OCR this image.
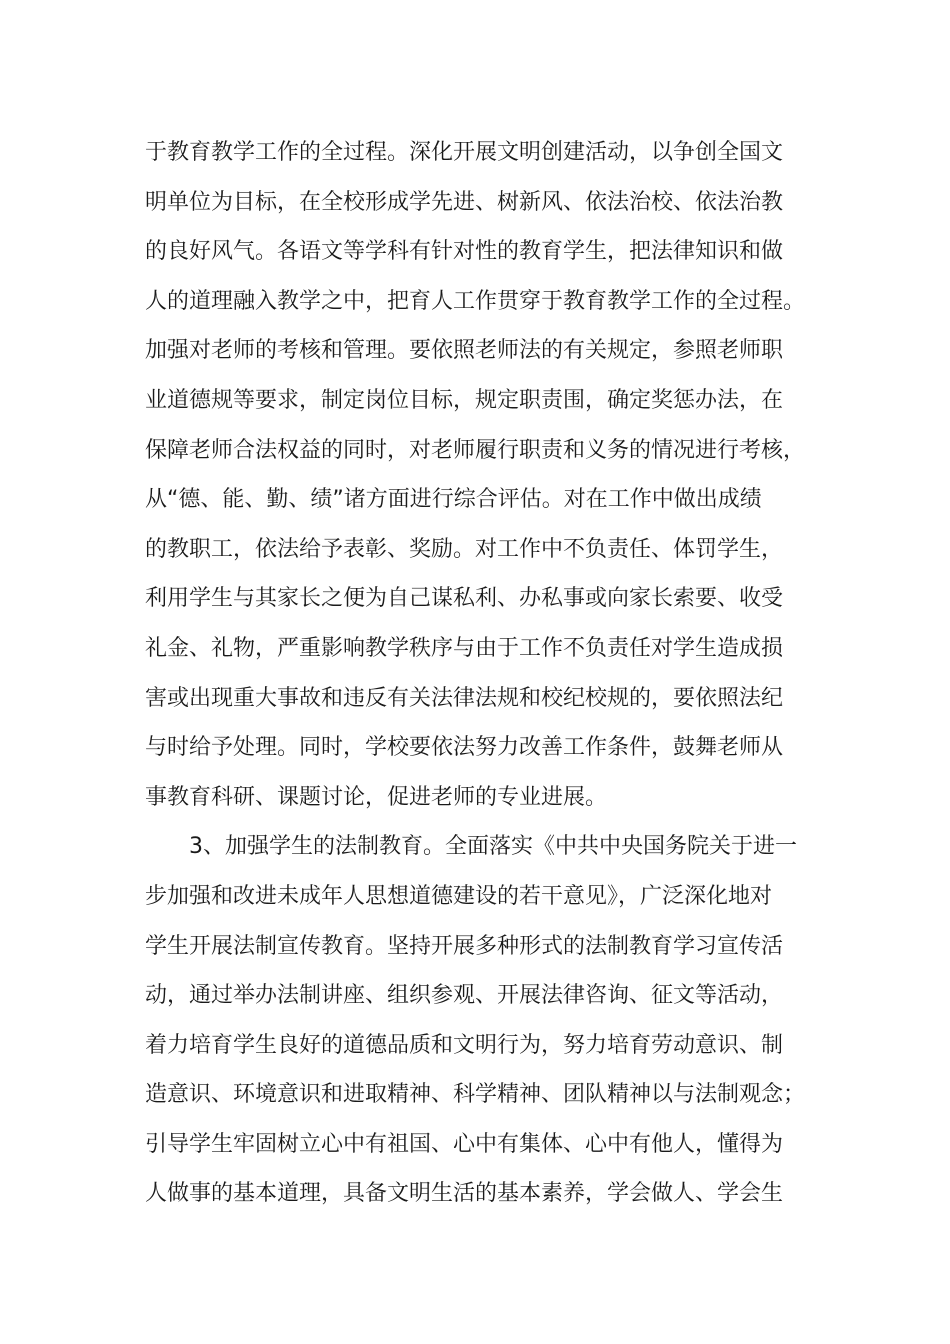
于教育教学工作的全过程。深化开展文明创建活动，以争创全国文
明单位为目标，在全校形成学先进、树新风、依法治校、依法治教
的良好风气。各语文等学科有针对性的教育学生，把法律知识和做
人的道理融入教学之中，把育人工作贯穿于教育教学工作的全过程。
加强对老师的考核和管理。要依照老师法的有关规定，参照老师职
业道德规等要求，制定岗位目标，规定职责围，确定奖惩办法，在
保障老师合法权益的同时，对老师履行职责和义务的情况进行考核，
从“德、能、勤、绩”诸方面进行综合评估。对在工作中做出成绩
的教职工，依法给予表彰、奖励。对工作中不负责任、体罚学生，
利用学生与其家长之便为自己谋私利、办私事或向家长索要、收受
礼金、礼物，严重影响教学秩序与由于工作不负责任对学生造成损
害或出现重大事故和违反有关法律法规和校纪校规的，要依照法纪
与时给予处理。同时，学校要依法努力改善工作条件，鼓舞老师从
事教育科研、课题讨论，促进老师的专业进展。
3、加强学生的法制教育。全面落实《中共中央国务院关于进一
步加强和改进未成年人思想道德建设的若干意见》，广泛深化地对
学生开展法制宣传教育。坚持开展多种形式的法制教育学习宣传活
动，通过举办法制讲座、组织参观、开展法律咨询、征文等活动，
着力培育学生良好的道德品质和文明行为，努力培育劳动意识、制
造意识、环境意识和进取精神、科学精神、团队精神以与法制观念；
引导学生牢固树立心中有祖国、心中有集体、心中有他人，懂得为
人做事的基本道理，具备文明生活的基本素养，学会做人、学会生
